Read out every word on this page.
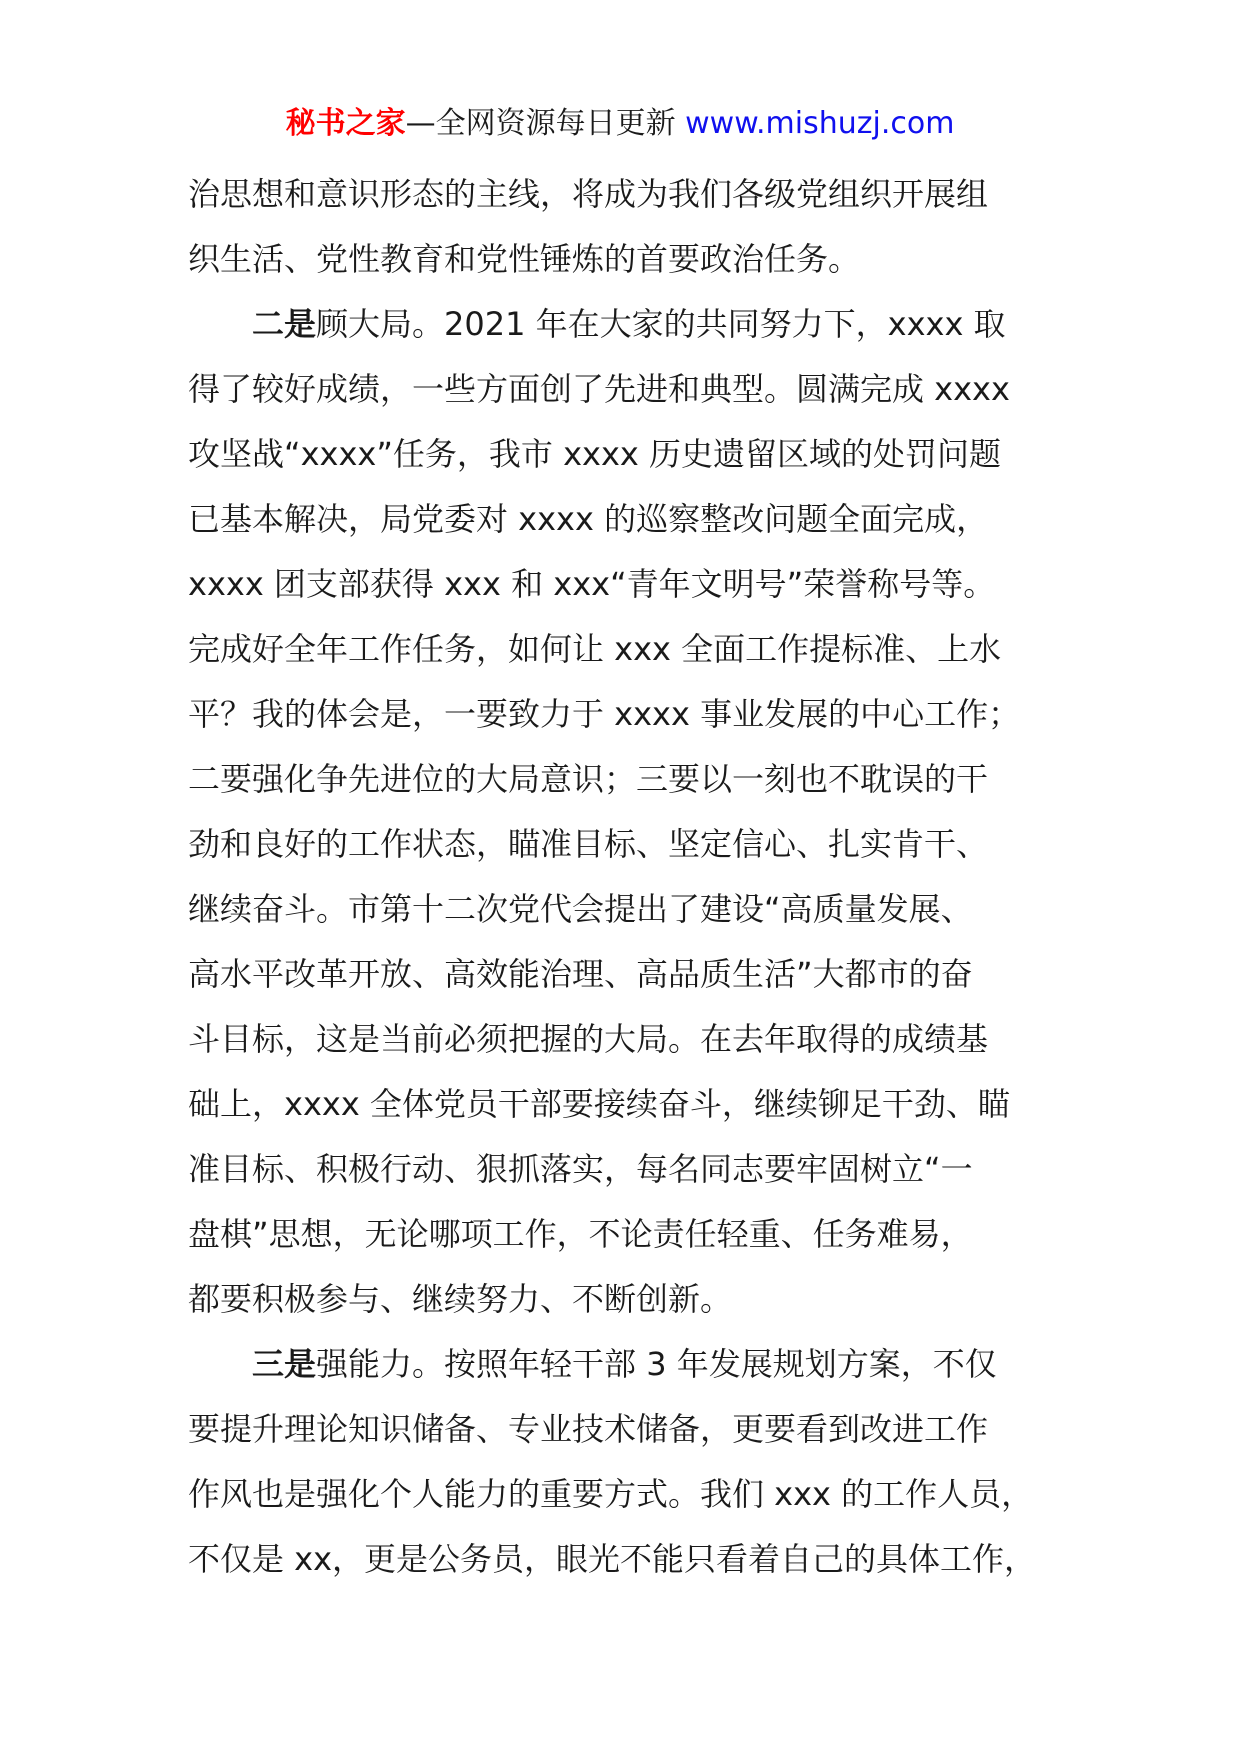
秘书之家—全网资源每日更新 www.mishuzj.com
治思想和意识形态的主线，将成为我们各级党组织开展组
织生活、党性教育和党性锤炼的首要政治任务。
二是顾大局。2021 年在大家的共同努力下，xxxx 取
得了较好成绩，一些方面创了先进和典型。圆满完成 xxxx
攻坚战“xxxx”任务，我市 xxxx 历史遗留区域的处罚问题
已基本解决，局党委对 xxxx 的巡察整改问题全面完成，
xxxx 团支部获得 xxx 和 xxx“青年文明号”荣誉称号等。
完成好全年工作任务，如何让 xxx 全面工作提标准、上水
平？我的体会是，一要致力于 xxxx 事业发展的中心工作；
二要强化争先进位的大局意识；三要以一刻也不耽误的干
劲和良好的工作状态，瞄准目标、坚定信心、扎实肯干、
继续奋斗。市第十二次党代会提出了建设“高质量发展、
高水平改革开放、高效能治理、高品质生活”大都市的奋
斗目标，这是当前必须把握的大局。在去年取得的成绩基
础上，xxxx 全体党员干部要接续奋斗，继续铆足干劲、瞄
准目标、积极行动、狠抓落实，每名同志要牢固树立“一
盘棋”思想，无论哪项工作，不论责任轻重、任务难易，
都要积极参与、继续努力、不断创新。
三是强能力。按照年轻干部 3 年发展规划方案，不仅
要提升理论知识储备、专业技术储备，更要看到改进工作
作风也是强化个人能力的重要方式。我们 xxx 的工作人员，
不仅是 xx，更是公务员，眼光不能只看着自己的具体工作，
